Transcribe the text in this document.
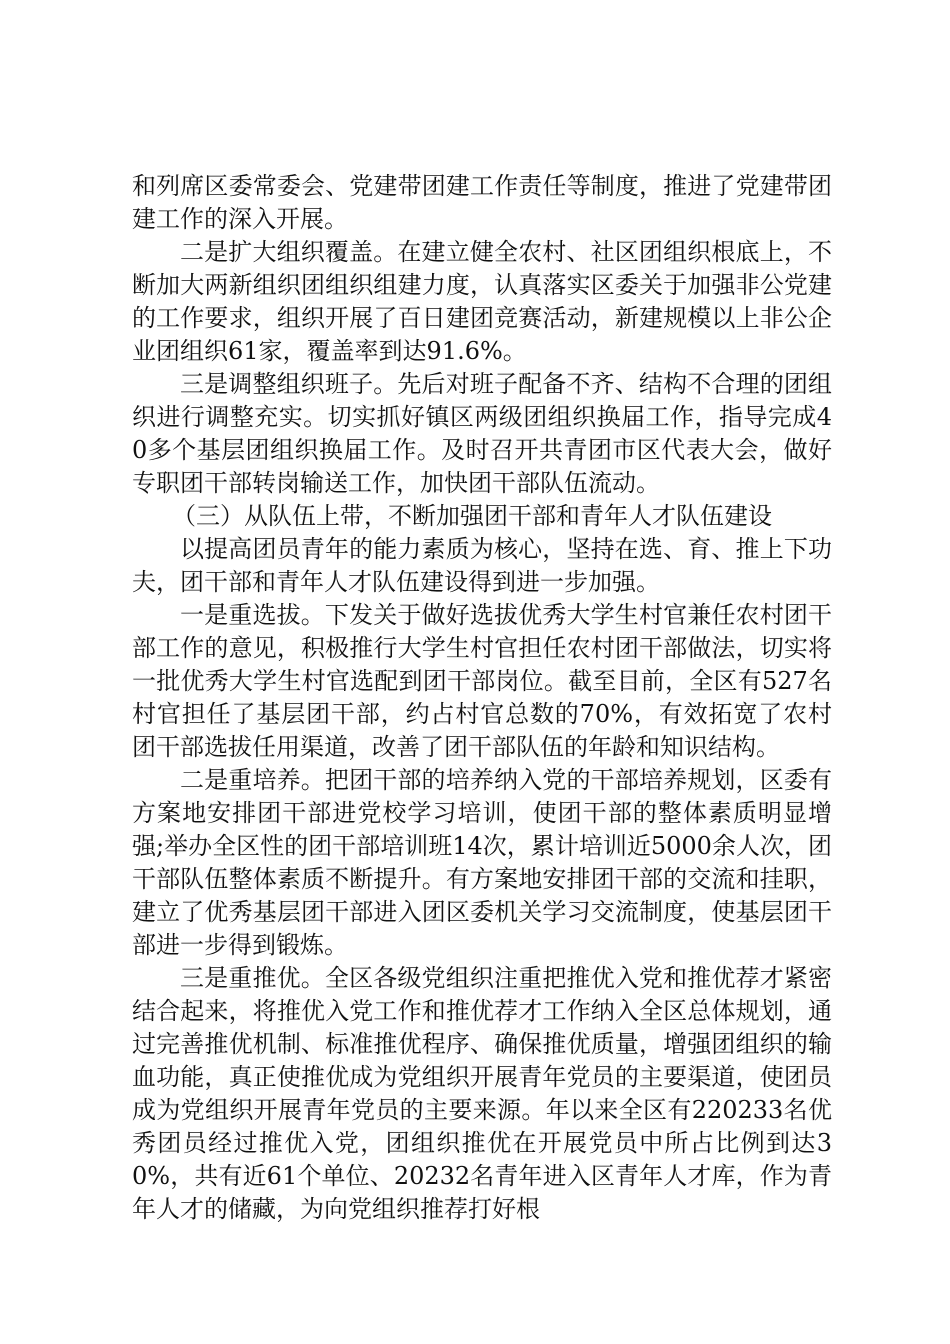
和列席区委常委会、党建带团建工作责任等制度，推进了党建带团建工作的深入开展。

二是扩大组织覆盖。在建立健全农村、社区团组织根底上，不断加大两新组织团组织组建力度，认真落实区委关于加强非公党建的工作要求，组织开展了百日建团竞赛活动，新建规模以上非公企业团组织61家，覆盖率到达91.6%。

三是调整组织班子。先后对班子配备不齐、结构不合理的团组织进行调整充实。切实抓好镇区两级团组织换届工作，指导完成40多个基层团组织换届工作。及时召开共青团市区代表大会，做好专职团干部转岗输送工作，加快团干部队伍流动。

（三）从队伍上带，不断加强团干部和青年人才队伍建设

以提高团员青年的能力素质为核心，坚持在选、育、推上下功夫，团干部和青年人才队伍建设得到进一步加强。

一是重选拔。下发关于做好选拔优秀大学生村官兼任农村团干部工作的意见，积极推行大学生村官担任农村团干部做法，切实将一批优秀大学生村官选配到团干部岗位。截至目前，全区有527名村官担任了基层团干部，约占村官总数的70%，有效拓宽了农村团干部选拔任用渠道，改善了团干部队伍的年龄和知识结构。

二是重培养。把团干部的培养纳入党的干部培养规划，区委有方案地安排团干部进党校学习培训，使团干部的整体素质明显增强;举办全区性的团干部培训班14次，累计培训近5000余人次，团干部队伍整体素质不断提升。有方案地安排团干部的交流和挂职，建立了优秀基层团干部进入团区委机关学习交流制度，使基层团干部进一步得到锻炼。

三是重推优。全区各级党组织注重把推优入党和推优荐才紧密结合起来，将推优入党工作和推优荐才工作纳入全区总体规划，通过完善推优机制、标准推优程序、确保推优质量，增强团组织的输血功能，真正使推优成为党组织开展青年党员的主要渠道，使团员成为党组织开展青年党员的主要来源。年以来全区有220233名优秀团员经过推优入党，团组织推优在开展党员中所占比例到达30%，共有近61个单位、20232名青年进入区青年人才库，作为青年人才的储藏，为向党组织推荐打好根
